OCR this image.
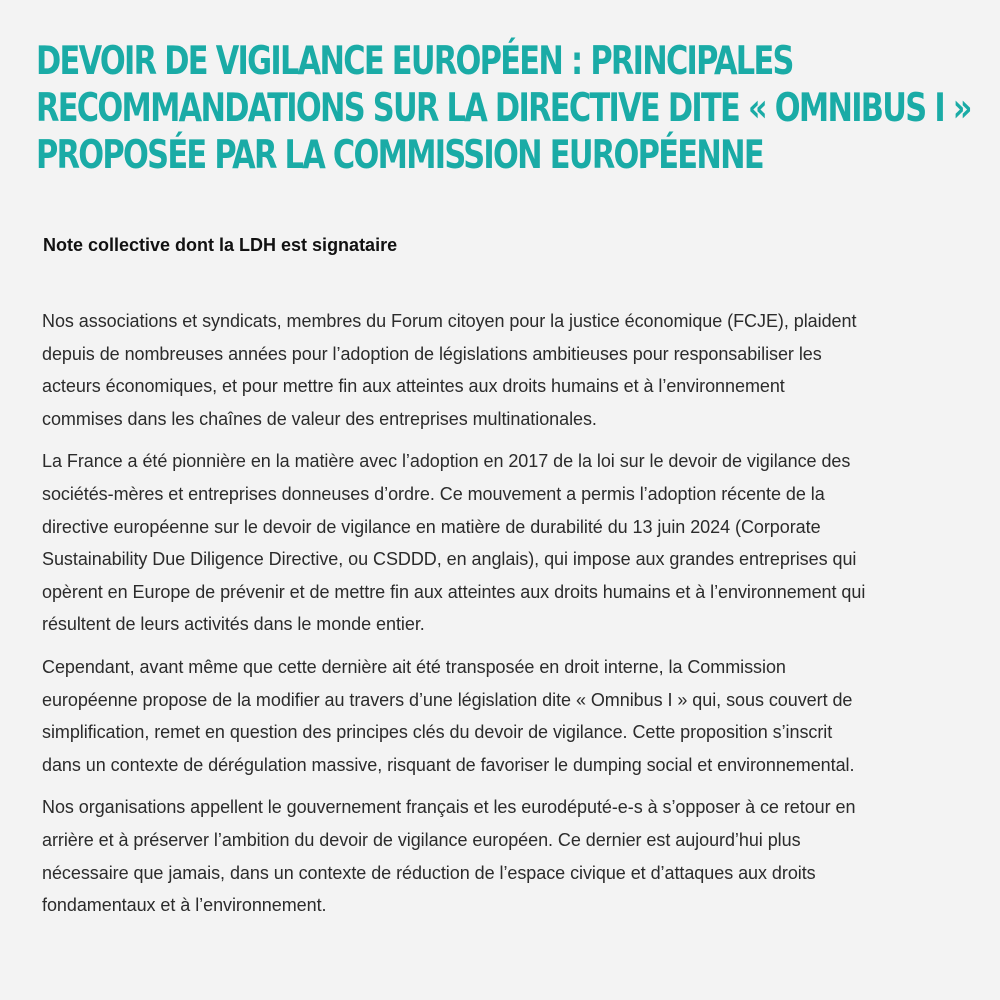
DEVOIR DE VIGILANCE EUROPÉEN : PRINCIPALES
RECOMMANDATIONS SUR LA DIRECTIVE DITE « OMNIBUS I »
PROPOSÉE PAR LA COMMISSION EUROPÉENNE
Note collective dont la LDH est signataire

Nos associations et syndicats, membres du Forum citoyen pour la justice économique (FCJE), plaident
depuis de nombreuses années pour l’adoption de législations ambitieuses pour responsabiliser les
acteurs économiques, et pour mettre fin aux atteintes aux droits humains et à l’environnement
commises dans les chaînes de valeur des entreprises multinationales.

La France a été pionnière en la matière avec l’adoption en 2017 de la loi sur le devoir de vigilance des
sociétés-mères et entreprises donneuses d’ordre. Ce mouvement a permis l’adoption récente de la
directive européenne sur le devoir de vigilance en matière de durabilité du 13 juin 2024 (Corporate
Sustainability Due Diligence Directive, ou CSDDD, en anglais), qui impose aux grandes entreprises qui
opèrent en Europe de prévenir et de mettre fin aux atteintes aux droits humains et à l’environnement qui
résultent de leurs activités dans le monde entier.

Cependant, avant même que cette dernière ait été transposée en droit interne, la Commission
européenne propose de la modifier au travers d’une législation dite « Omnibus I » qui, sous couvert de
simplification, remet en question des principes clés du devoir de vigilance. Cette proposition s’inscrit
dans un contexte de dérégulation massive, risquant de favoriser le dumping social et environnemental.

Nos organisations appellent le gouvernement français et les eurodéputé-e-s à s’opposer à ce retour en
arrière et à préserver l’ambition du devoir de vigilance européen. Ce dernier est aujourd’hui plus
nécessaire que jamais, dans un contexte de réduction de l’espace civique et d’attaques aux droits
fondamentaux et à l’environnement.
